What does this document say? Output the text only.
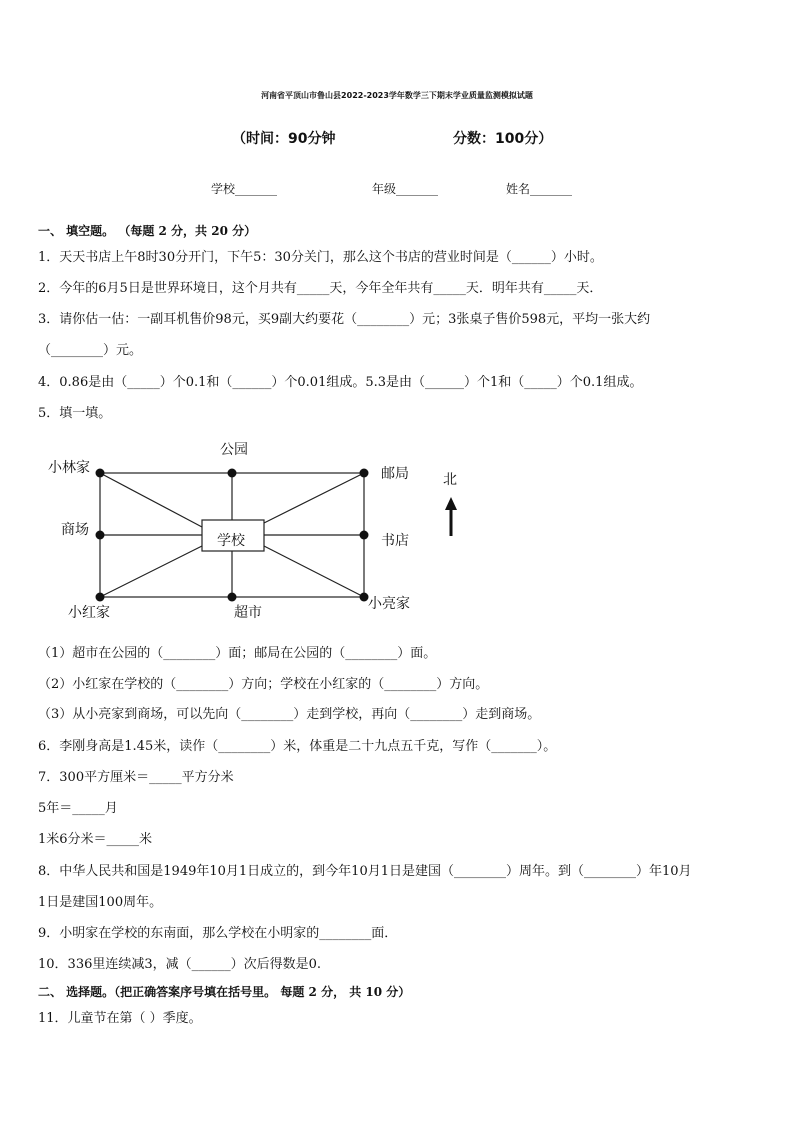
河南省平顶山市鲁山县2022-2023学年数学三下期末学业质量监测模拟试题
（时间：90分钟	分数：100分）
学校_______	年级_______	姓名_______
一、 填空题。 （每题 2 分，共 20 分）
1．天天书店上午8时30分开门，下午5：30分关门，那么这个书店的营业时间是（______）小时。
2．今年的6月5日是世界环境日，这个月共有_____天，今年全年共有_____天．明年共有_____天．
3．请你估一估：一副耳机售价98元，买9副大约要花（________）元；3张桌子售价598元，平均一张大约
（________）元。
4．0.86是由（_____）个0.1和（______）个0.01组成。5.3是由（______）个1和（_____）个0.1组成。
5．填一填。
公园
小林家	邮局 北
商场
学校	书店
小红家	超市
小亮家
（1）超市在公园的（________）面；邮局在公园的（________）面。
（2）小红家在学校的（________）方向；学校在小红家的（________）方向。
（3）从小亮家到商场，可以先向（________）走到学校，再向（________）走到商场。
6．李刚身高是1.45米，读作（________）米，体重是二十九点五千克，写作（_______）。
7．300平方厘米＝_____平方分米
5年＝_____月
1米6分米＝_____米
8．中华人民共和国是1949年10月1日成立的，到今年10月1日是建国（________）周年。到（________）年10月
1日是建国100周年。
9．小明家在学校的东南面，那么学校在小明家的________面．
10．336里连续减3，减（______）次后得数是0.
二、 选择题。（把正确答案序号填在括号里。 每题 2 分， 共 10 分）
11．儿童节在第（ ）季度。
